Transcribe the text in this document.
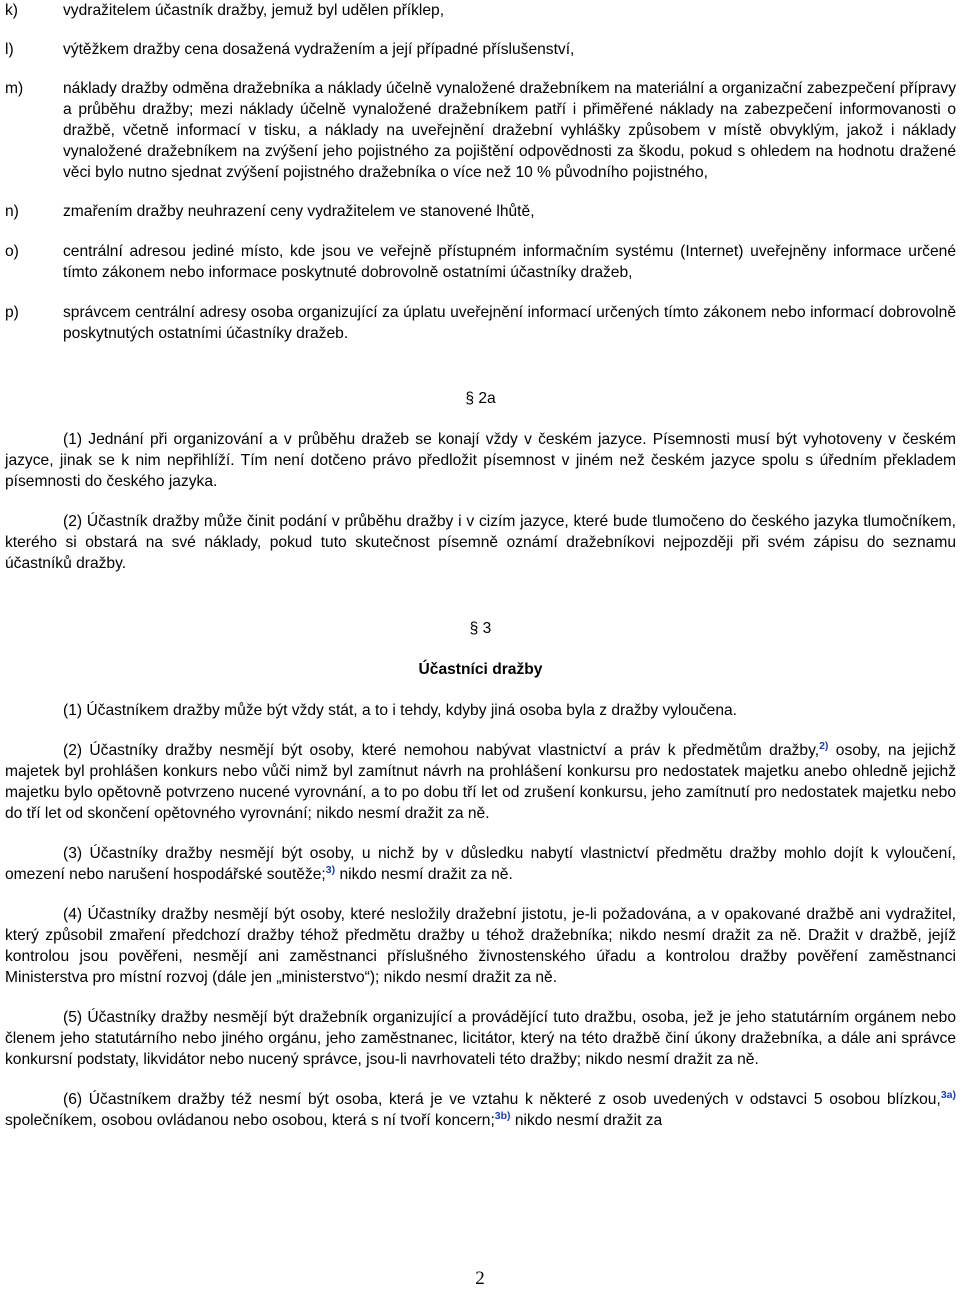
k)	vydražitelem účastník dražby, jemuž byl udělen příklep,
l)	výtěžkem dražby cena dosažená vydražením a její případné příslušenství,
m)	náklady dražby odměna dražebníka a náklady účelně vynaložené dražebníkem na materiální a organizační zabezpečení přípravy a průběhu dražby; mezi náklady účelně vynaložené dražebníkem patří i přiměřené náklady na zabezpečení informovanosti o dražbě, včetně informací v tisku, a náklady na uveřejnění dražební vyhlášky způsobem v místě obvyklým, jakož i náklady vynaložené dražebníkem na zvýšení jeho pojistného za pojištění odpovědnosti za škodu, pokud s ohledem na hodnotu dražené věci bylo nutno sjednat zvýšení pojistného dražebníka o více než 10 % původního pojistného,
n)	zmařením dražby neuhrazení ceny vydražitelem ve stanovené lhůtě,
o)	centrální adresou jediné místo, kde jsou ve veřejně přístupném informačním systému (Internet) uveřejněny informace určené tímto zákonem nebo informace poskytnuté dobrovolně ostatními účastníky dražeb,
p)	správcem centrální adresy osoba organizující za úplatu uveřejnění informací určených tímto zákonem nebo informací dobrovolně poskytnutých ostatními účastníky dražeb.

§ 2a

(1) Jednání při organizování a v průběhu dražeb se konají vždy v českém jazyce. Písemnosti musí být vyhotoveny v českém jazyce, jinak se k nim nepřihlíží. Tím není dotčeno právo předložit písemnost v jiném než českém jazyce spolu s úředním překladem písemnosti do českého jazyka.

(2) Účastník dražby může činit podání v průběhu dražby i v cizím jazyce, které bude tlumočeno do českého jazyka tlumočníkem, kterého si obstará na své náklady, pokud tuto skutečnost písemně oznámí dražebníkovi nejpozději při svém zápisu do seznamu účastníků dražby.

§ 3

Účastníci dražby

(1) Účastníkem dražby může být vždy stát, a to i tehdy, kdyby jiná osoba byla z dražby vyloučena.

(2) Účastníky dražby nesmějí být osoby, které nemohou nabývat vlastnictví a práv k předmětům dražby,$^{2)}$ osoby, na jejichž majetek byl prohlášen konkurs nebo vůči nimž byl zamítnut návrh na prohlášení konkursu pro nedostatek majetku anebo ohledně jejichž majetku bylo opětovně potvrzeno nucené vyrovnání, a to po dobu tří let od zrušení konkursu, jeho zamítnutí pro nedostatek majetku nebo do tří let od skončení opětovného vyrovnání; nikdo nesmí dražit za ně.

(3) Účastníky dražby nesmějí být osoby, u nichž by v důsledku nabytí vlastnictví předmětu dražby mohlo dojít k vyloučení, omezení nebo narušení hospodářské soutěže;$^{3)}$ nikdo nesmí dražit za ně.

(4) Účastníky dražby nesmějí být osoby, které nesložily dražební jistotu, je-li požadována, a v opakované dražbě ani vydražitel, který způsobil zmaření předchozí dražby téhož předmětu dražby u téhož dražebníka; nikdo nesmí dražit za ně. Dražit v dražbě, jejíž kontrolou jsou pověřeni, nesmějí ani zaměstnanci příslušného živnostenského úřadu a kontrolou dražby pověření zaměstnanci Ministerstva pro místní rozvoj (dále jen „ministerstvo“); nikdo nesmí dražit za ně.

(5) Účastníky dražby nesmějí být dražebník organizující a provádějící tuto dražbu, osoba, jež je jeho statutárním orgánem nebo členem jeho statutárního nebo jiného orgánu, jeho zaměstnanec, licitátor, který na této dražbě činí úkony dražebníka, a dále ani správce konkursní podstaty, likvidátor nebo nucený správce, jsou-li navrhovateli této dražby; nikdo nesmí dražit za ně.

(6) Účastníkem dražby též nesmí být osoba, která je ve vztahu k některé z osob uvedených v odstavci 5 osobou blízkou,$^{3a)}$ společníkem, osobou ovládanou nebo osobou, která s ní tvoří koncern;$^{3b)}$ nikdo nesmí dražit za

2
